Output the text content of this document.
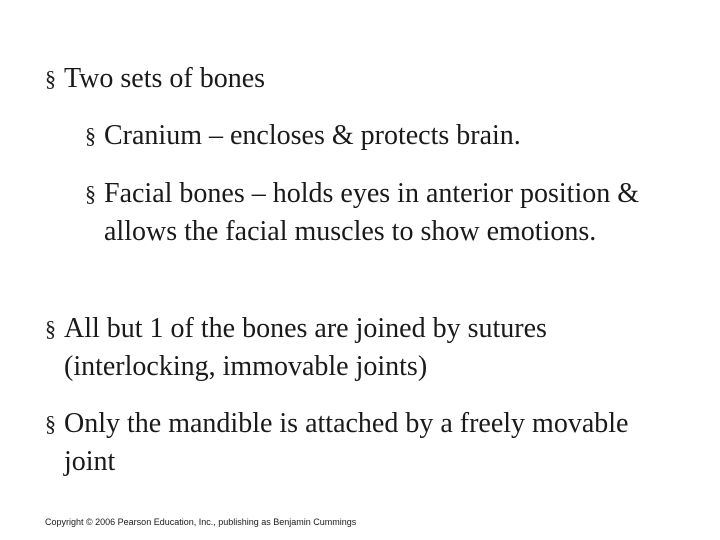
§ Two sets of bones
§ Cranium – encloses & protects brain.
§ Facial bones – holds eyes in anterior position & allows the facial muscles to show emotions.
§ All but 1 of the bones are joined by sutures (interlocking, immovable joints)
§ Only the mandible is attached by a freely movable joint
Copyright © 2006 Pearson Education, Inc., publishing as Benjamin Cummings
